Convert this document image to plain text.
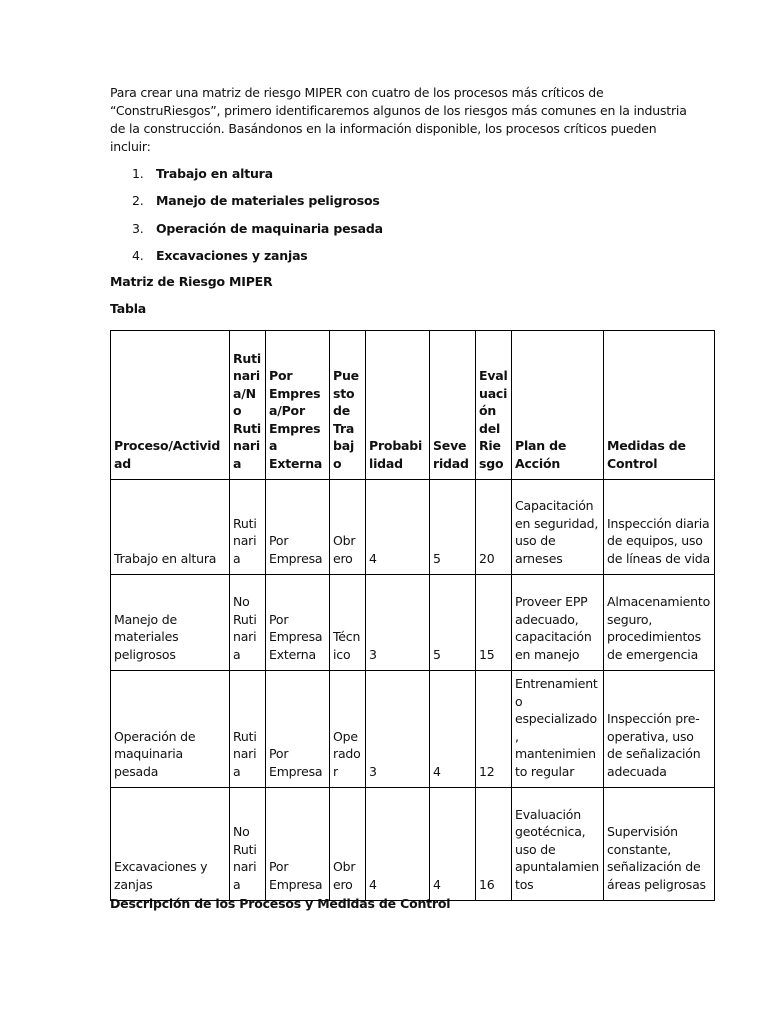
Para crear una matriz de riesgo MIPER con cuatro de los procesos más críticos de
“ConstruRiesgos”, primero identificaremos algunos de los riesgos más comunes en la industria
de la construcción. Basándonos en la información disponible, los procesos críticos pueden
incluir:

1. Trabajo en altura
2. Manejo de materiales peligrosos
3. Operación de maquinaria pesada
4. Excavaciones y zanjas

Matriz de Riesgo MIPER

Tabla

Proceso/Actividad	Rutinaria/No Rutinaria	Por Empresa/Por Empresa Externa	Puesto de Trabajo	Probabilidad	Severidad	Evaluación del Riesgo	Plan de Acción	Medidas de Control
Trabajo en altura	Rutinaria	Por Empresa	Obrero	4	5	20	Capacitación en seguridad, uso de arneses	Inspección diaria de equipos, uso de líneas de vida
Manejo de materiales peligrosos	No Rutinaria	Por Empresa Externa	Técnico	3	5	15	Proveer EPP adecuado, capacitación en manejo	Almacenamiento seguro, procedimientos de emergencia
Operación de maquinaria pesada	Rutinaria	Por Empresa	Operador	3	4	12	Entrenamiento especializado, mantenimiento regular	Inspección pre-operativa, uso de señalización adecuada
Excavaciones y zanjas	No Rutinaria	Por Empresa	Obrero	4	4	16	Evaluación geotécnica, uso de apuntalamientos	Supervisión constante, señalización de áreas peligrosas

Descripción de los Procesos y Medidas de Control
